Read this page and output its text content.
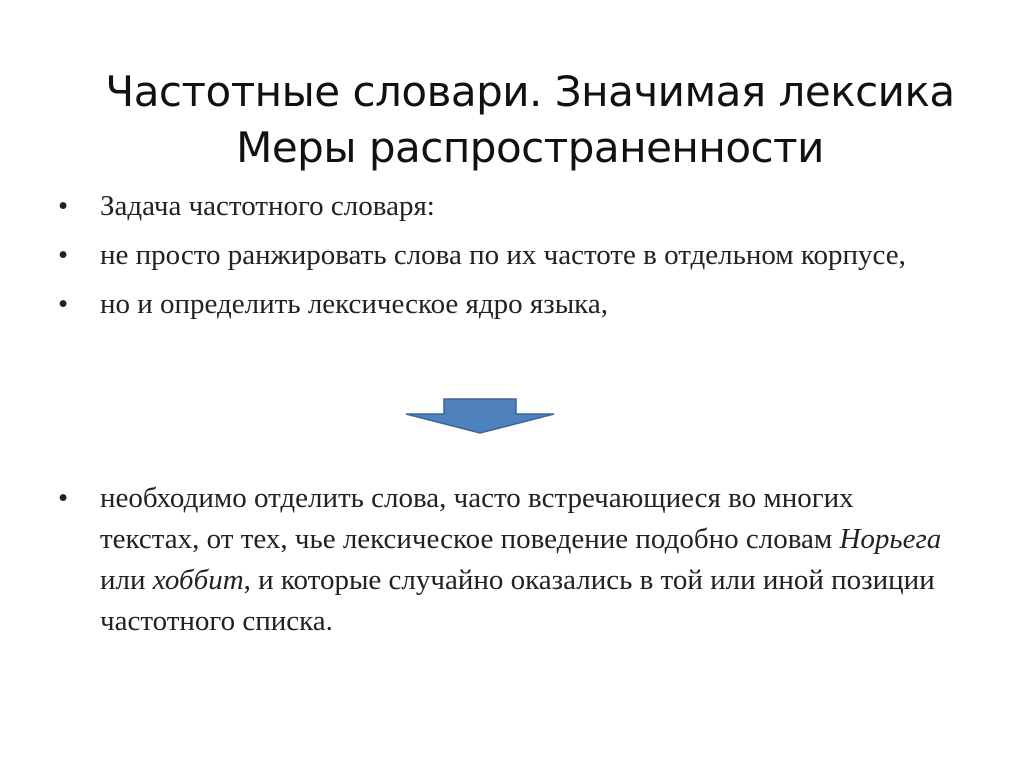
Частотные словари. Значимая лексика
Меры распространенности
• Задача частотного словаря:
• не просто ранжировать слова по их частоте в отдельном корпусе,
• но и определить лексическое ядро языка,
• необходимо отделить слова, часто встречающиеся во многих текстах, от тех, чье лексическое поведение подобно словам Норьега или хоббит, и которые случайно оказались в той или иной позиции частотного списка.
